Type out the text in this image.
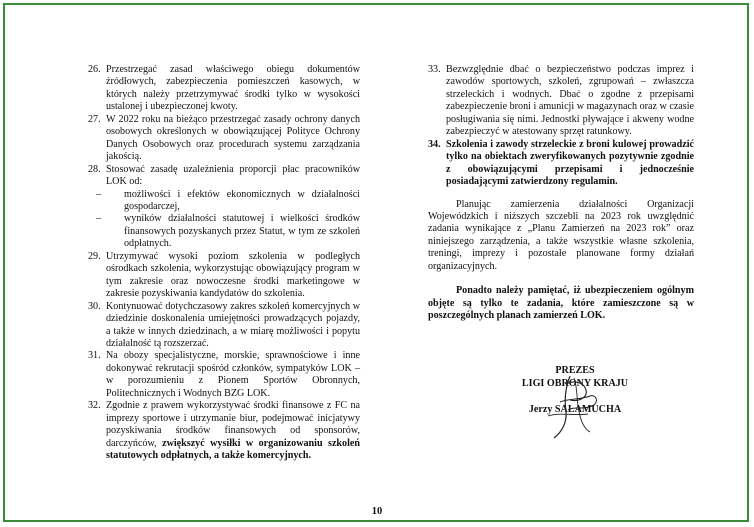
26. Przestrzegać zasad właściwego obiegu dokumentów źródłowych, zabezpieczenia pomieszczeń kasowych, w których należy przetrzymywać środki tylko w wysokości ustalonej i ubezpieczonej kwoty.
27. W 2022 roku na bieżąco przestrzegać zasady ochrony danych osobowych określonych w obowiązującej Polityce Ochrony Danych Osobowych oraz procedurach systemu zarządzania jakością.
28. Stosować zasadę uzależnienia proporcji płac pracowników LOK od:
– możliwości i efektów ekonomicznych w działalności gospodarczej,
– wyników działalności statutowej i wielkości środków finansowych pozyskanych przez Statut, w tym ze szkoleń odpłatnych.
29. Utrzymywać wysoki poziom szkolenia w podległych ośrodkach szkolenia, wykorzystując obowiązujący program w tym zakresie oraz nowoczesne środki marketingowe w zakresie pozyskiwania kandydatów do szkolenia.
30. Kontynuować dotychczasowy zakres szkoleń komercyjnych w dziedzinie doskonalenia umiejętności prowadzących pojazdy, a także w innych dziedzinach, a w miarę możliwości i popytu działalność tą rozszerzać.
31. Na obozy specjalistyczne, morskie, sprawnościowe i inne dokonywać rekrutacji spośród członków, sympatyków LOK – w porozumieniu z Pionem Sportów Obronnych, Politechnicznych i Wodnych BZG LOK.
32. Zgodnie z prawem wykorzystywać środki finansowe z FC na imprezy sportowe i utrzymanie biur, podejmować inicjatywy pozyskiwania środków finansowych od sponsorów, darczyńców, zwiększyć wysiłki w organizowaniu szkoleń statutowych odpłatnych, a także komercyjnych.
33. Bezwzględnie dbać o bezpieczeństwo podczas imprez i zawodów sportowych, szkoleń, zgrupowań – zwłaszcza strzeleckich i wodnych. Dbać o zgodne z przepisami zabezpieczenie broni i amunicji w magazynach oraz w czasie posługiwania się nimi. Jednostki pływające i akweny wodne zabezpieczyć w atestowany sprzęt ratunkowy.
34. Szkolenia i zawody strzeleckie z broni kulowej prowadzić tylko na obiektach zweryfikowanych pozytywnie zgodnie z obowiązującymi przepisami i jednocześnie posiadającymi zatwierdzony regulamin.

Planując zamierzenia działalności Organizacji Wojewódzkich i niższych szczebli na 2023 rok uwzględnić zadania wynikające z „Planu Zamierzeń na 2023 rok” oraz niniejszego zarządzenia, a także wszystkie własne szkolenia, treningi, imprezy i pozostałe planowane formy działań organizacyjnych.

Ponadto należy pamiętać, iż ubezpieczeniem ogólnym objęte są tylko te zadania, które zamieszczone są w poszczególnych planach zamierzeń LOK.

PREZES
LIGI OBRONY KRAJU
Jerzy SALAMUCHA
10
